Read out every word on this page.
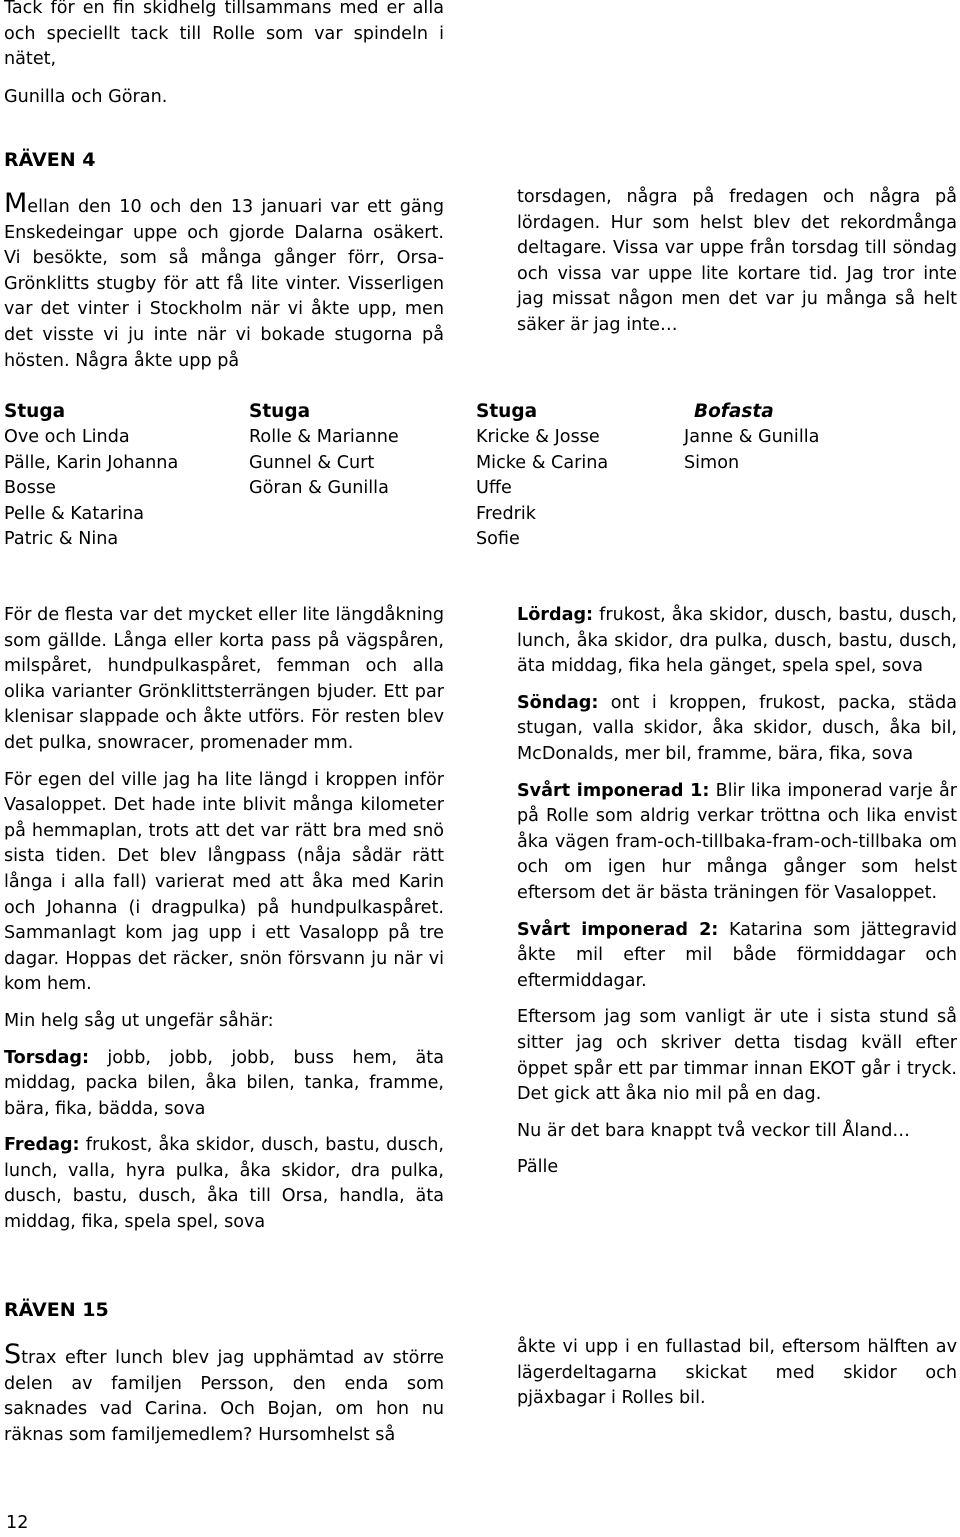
Tack för en fin skidhelg tillsammans med er alla och speciellt tack till Rolle som var spindeln i nätet,

Gunilla och Göran.

RÄVEN 4

Mellan den 10 och den 13 januari var ett gäng Enskedeingar uppe och gjorde Dalarna osäkert. Vi besökte, som så många gånger förr, Orsa-Grönklitts stugby för att få lite vinter. Visserligen var det vinter i Stockholm när vi åkte upp, men det visste vi ju inte när vi bokade stugorna på hösten. Några åkte upp på

torsdagen, några på fredagen och några på lördagen. Hur som helst blev det rekordmånga deltagare. Vissa var uppe från torsdag till söndag och vissa var uppe lite kortare tid. Jag tror inte jag missat någon men det var ju många så helt säker är jag inte…

Stuga
Ove och Linda
Pälle, Karin Johanna
Bosse
Pelle & Katarina
Patric & Nina
Stuga
Rolle & Marianne
Gunnel & Curt
Göran & Gunilla
Stuga
Kricke & Josse
Micke & Carina
Uffe
Fredrik
Sofie
Bofasta
Janne & Gunilla
Simon

För de flesta var det mycket eller lite längdåkning som gällde. Långa eller korta pass på vägspåren, milspåret, hundpulkaspåret, femman och alla olika varianter Grönklittsterrängen bjuder. Ett par klenisar slappade och åkte utförs. För resten blev det pulka, snowracer, promenader mm.

För egen del ville jag ha lite längd i kroppen inför Vasaloppet. Det hade inte blivit många kilometer på hemmaplan, trots att det var rätt bra med snö sista tiden. Det blev långpass (nåja sådär rätt långa i alla fall) varierat med att åka med Karin och Johanna (i dragpulka) på hundpulkaspåret. Sammanlagt kom jag upp i ett Vasalopp på tre dagar. Hoppas det räcker, snön försvann ju när vi kom hem.

Min helg såg ut ungefär såhär:

Torsdag: jobb, jobb, jobb, buss hem, äta middag, packa bilen, åka bilen, tanka, framme, bära, fika, bädda, sova

Fredag: frukost, åka skidor, dusch, bastu, dusch, lunch, valla, hyra pulka, åka skidor, dra pulka, dusch, bastu, dusch, åka till Orsa, handla, äta middag, fika, spela spel, sova

Lördag: frukost, åka skidor, dusch, bastu, dusch, lunch, åka skidor, dra pulka, dusch, bastu, dusch, äta middag, fika hela gänget, spela spel, sova

Söndag: ont i kroppen, frukost, packa, städa stugan, valla skidor, åka skidor, dusch, åka bil, McDonalds, mer bil, framme, bära, fika, sova

Svårt imponerad 1: Blir lika imponerad varje år på Rolle som aldrig verkar tröttna och lika envist åka vägen fram-och-tillbaka-fram-och-tillbaka om och om igen hur många gånger som helst eftersom det är bästa träningen för Vasaloppet.

Svårt imponerad 2: Katarina som jättegravid åkte mil efter mil både förmiddagar och eftermiddagar.

Eftersom jag som vanligt är ute i sista stund så sitter jag och skriver detta tisdag kväll efter öppet spår ett par timmar innan EKOT går i tryck. Det gick att åka nio mil på en dag.

Nu är det bara knappt två veckor till Åland…

Pälle

RÄVEN 15

Strax efter lunch blev jag upphämtad av större delen av familjen Persson, den enda som saknades vad Carina. Och Bojan, om hon nu räknas som familjemedlem? Hursomhelst så

åkte vi upp i en fullastad bil, eftersom hälften av lägerdeltagarna skickat med skidor och pjäxbagar i Rolles bil.

12
